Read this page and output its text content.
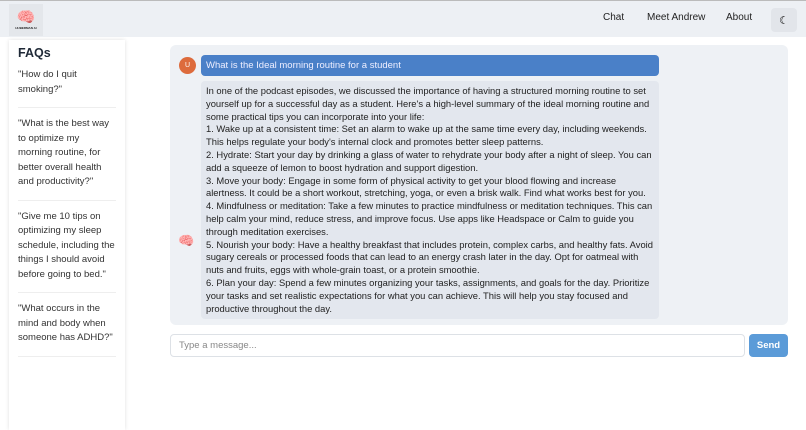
🧠
HUBERMAN AI
Chat Meet Andrew About ☾
FAQs
"How do I quit smoking?"
"What is the best way to optimize my morning routine, for better overall health and productivity?"
"Give me 10 tips on optimizing my sleep schedule, including the things I should avoid before going to bed."
"What occurs in the mind and body when someone has ADHD?"
U	What is the Ideal morning routine for a student
🧠
In one of the podcast episodes, we discussed the importance of having a structured morning routine to set yourself up for a successful day as a student. Here's a high-level summary of the ideal morning routine and some practical tips you can incorporate into your life:
1. Wake up at a consistent time: Set an alarm to wake up at the same time every day, including weekends. This helps regulate your body's internal clock and promotes better sleep patterns.
2. Hydrate: Start your day by drinking a glass of water to rehydrate your body after a night of sleep. You can add a squeeze of lemon to boost hydration and support digestion.
3. Move your body: Engage in some form of physical activity to get your blood flowing and increase alertness. It could be a short workout, stretching, yoga, or even a brisk walk. Find what works best for you.
4. Mindfulness or meditation: Take a few minutes to practice mindfulness or meditation techniques. This can help calm your mind, reduce stress, and improve focus. Use apps like Headspace or Calm to guide you through meditation exercises.
5. Nourish your body: Have a healthy breakfast that includes protein, complex carbs, and healthy fats. Avoid sugary cereals or processed foods that can lead to an energy crash later in the day. Opt for oatmeal with nuts and fruits, eggs with whole-grain toast, or a protein smoothie.
6. Plan your day: Spend a few minutes organizing your tasks, assignments, and goals for the day. Prioritize your tasks and set realistic expectations for what you can achieve. This will help you stay focused and productive throughout the day.
Type a message...
Send
